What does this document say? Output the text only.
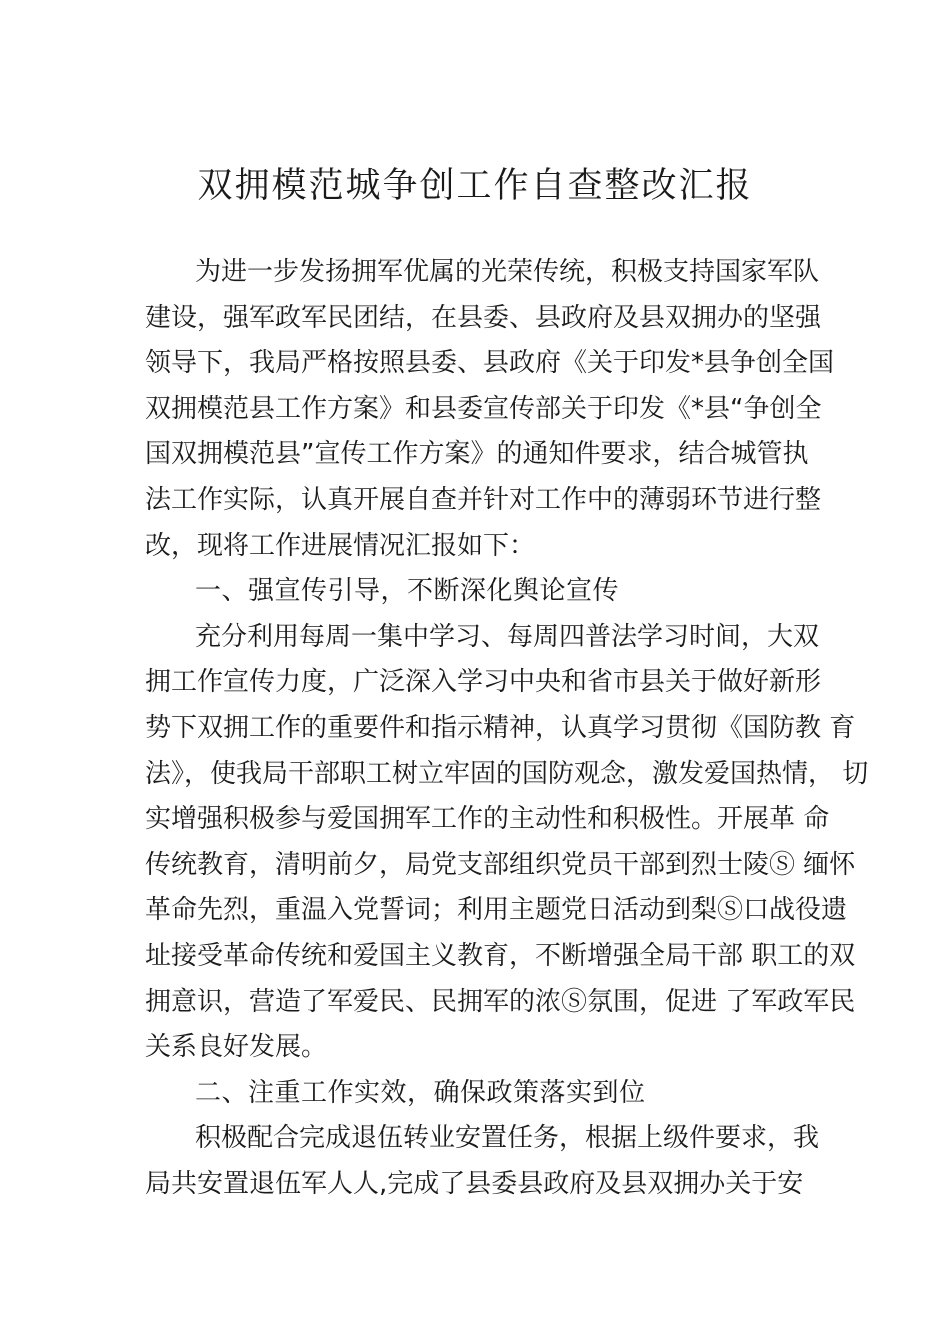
双拥模范城争创工作自查整改汇报
为进一步发扬拥军优属的光荣传统，积极支持国家军队
建设，强军政军民团结，在县委、县政府及县双拥办的坚强
领导下，我局严格按照县委、县政府《关于印发*县争创全国
双拥模范县工作方案》和县委宣传部关于印发《*县“争创全
国双拥模范县”宣传工作方案》的通知件要求，结合城管执
法工作实际，认真开展自查并针对工作中的薄弱环节进行整
改，现将工作进展情况汇报如下：
一、强宣传引导，不断深化舆论宣传
充分利用每周一集中学习、每周四普法学习时间，大双
拥工作宣传力度，广泛深入学习中央和省市县关于做好新形
势下双拥工作的重要件和指示精神，认真学习贯彻《国防教 育
法》，使我局干部职工树立牢固的国防观念，激发爱国热情， 切
实增强积极参与爱国拥军工作的主动性和积极性。开展革 命
传统教育，清明前夕，局党支部组织党员干部到烈士陵Ⓢ 缅怀
革命先烈，重温入党誓词；利用主题党日活动到梨Ⓢ口战役遗
址接受革命传统和爱国主义教育，不断增强全局干部 职工的双
拥意识，营造了军爱民、民拥军的浓Ⓢ氛围，促进 了军政军民
关系良好发展。
二、注重工作实效，确保政策落实到位
积极配合完成退伍转业安置任务，根据上级件要求，我
局共安置退伍军人人,完成了县委县政府及县双拥办关于安
